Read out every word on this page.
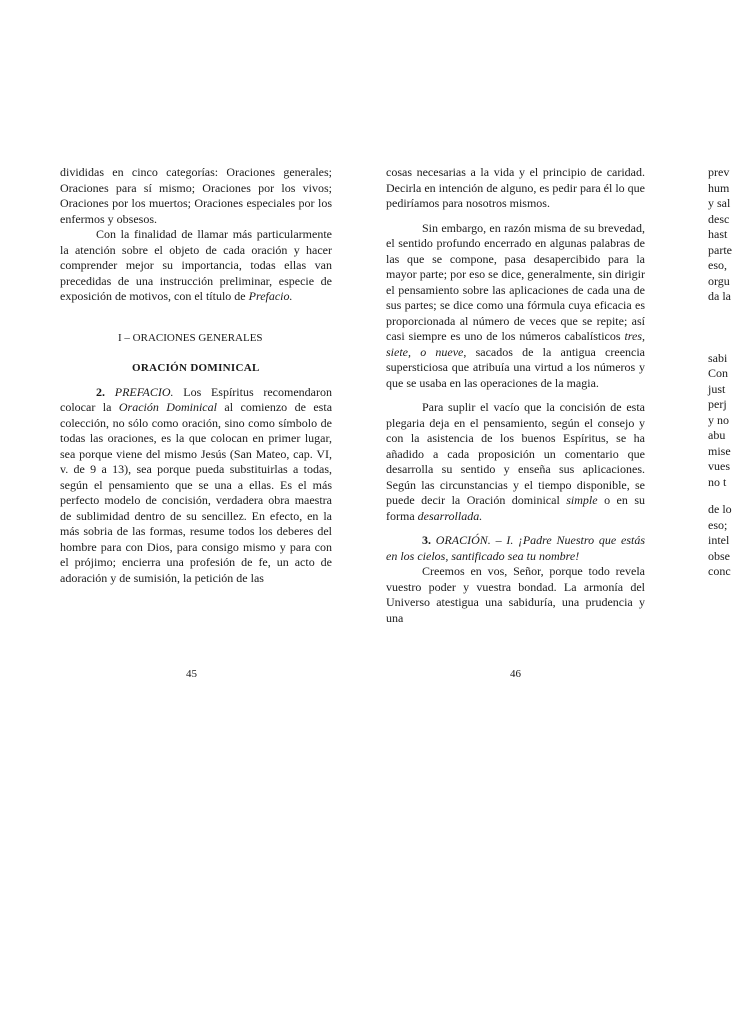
divididas en cinco categorías: Oraciones generales; Oraciones para sí mismo; Oraciones por los vivos; Oraciones por los muertos; Oraciones especiales por los enfermos y obsesos.

Con la finalidad de llamar más particularmente la atención sobre el objeto de cada oración y hacer comprender mejor su importancia, todas ellas van precedidas de una instrucción preliminar, especie de exposición de motivos, con el título de Prefacio.

I – ORACIONES GENERALES

ORACIÓN DOMINICAL

2. PREFACIO. Los Espíritus recomendaron colocar la Oración Dominical al comienzo de esta colección, no sólo como oración, sino como símbolo de todas las oraciones, es la que colocan en primer lugar, sea porque viene del mismo Jesús (San Mateo, cap. VI, v. de 9 a 13), sea porque pueda substituirlas a todas, según el pensamiento que se una a ellas. Es el más perfecto modelo de concisión, verdadera obra maestra de sublimidad dentro de su sencillez. En efecto, en la más sobria de las formas, resume todos los deberes del hombre para con Dios, para consigo mismo y para con el prójimo; encierra una profesión de fe, un acto de adoración y de sumisión, la petición de las

45

cosas necesarias a la vida y el principio de caridad. Decirla en intención de alguno, es pedir para él lo que pediríamos para nosotros mismos.

Sin embargo, en razón misma de su brevedad, el sentido profundo encerrado en algunas palabras de las que se compone, pasa desapercibido para la mayor parte; por eso se dice, generalmente, sin dirigir el pensamiento sobre las aplicaciones de cada una de sus partes; se dice como una fórmula cuya eficacia es proporcionada al número de veces que se repite; así casi siempre es uno de los números cabalísticos tres, siete, o nueve, sacados de la antigua creencia supersticiosa que atribuía una virtud a los números y que se usaba en las operaciones de la magia.

Para suplir el vacío que la concisión de esta plegaria deja en el pensamiento, según el consejo y con la asistencia de los buenos Espíritus, se ha añadido a cada proposición un comentario que desarrolla su sentido y enseña sus aplicaciones. Según las circunstancias y el tiempo disponible, se puede decir la Oración dominical simple o en su forma desarrollada.

3. ORACIÓN. – I. ¡Padre Nuestro que estás en los cielos, santificado sea tu nombre!

Creemos en vos, Señor, porque todo revela vuestro poder y vuestra bondad. La armonía del Universo atestigua una sabiduría, una prudencia y una

46
prev
hum
y sal
desc
hast
parte
eso,
orgu
da la
sabi
Con
just
perj
y no
abu
mise
vues
no t
de lo
eso;
intel
obse
conc
